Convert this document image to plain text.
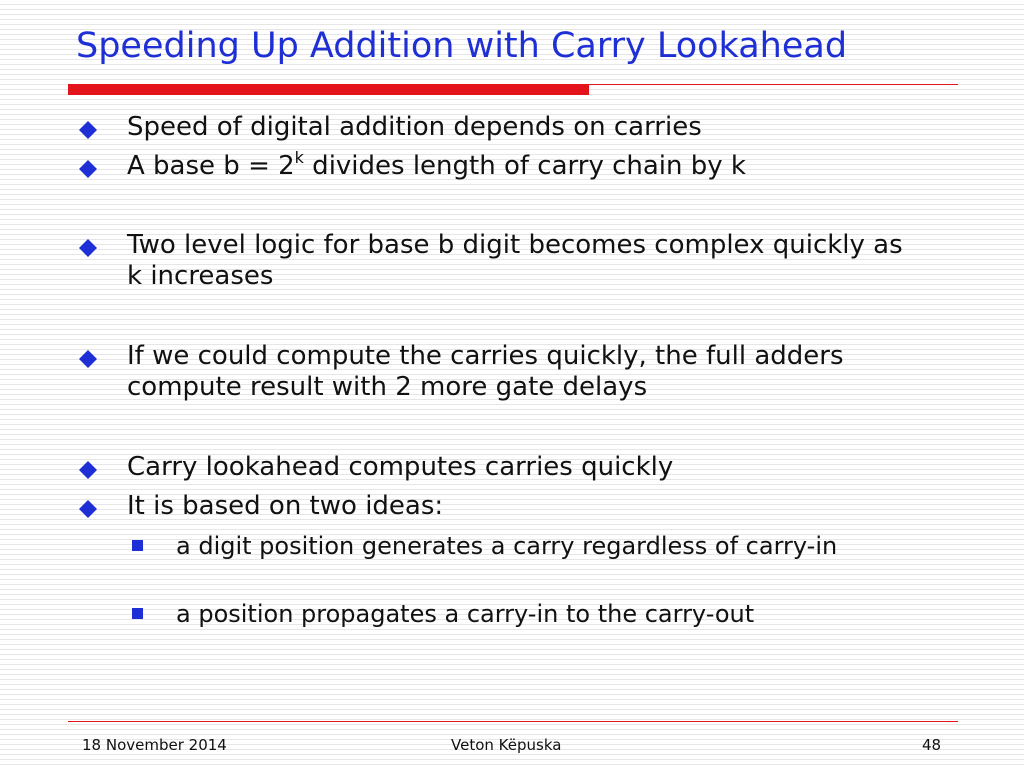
Speeding Up Addition with Carry Lookahead
Speed of digital addition depends on carries
A base $b = 2^k$ divides length of carry chain by k
Two level logic for base b digit becomes complex quickly as k increases
If we could compute the carries quickly, the full adders compute result with 2 more gate delays
Carry lookahead computes carries quickly
It is based on two ideas:
a digit position generates a carry regardless of carry-in
a position propagates a carry-in to the carry-out
18 November 2014	Veton Këpuska	48
